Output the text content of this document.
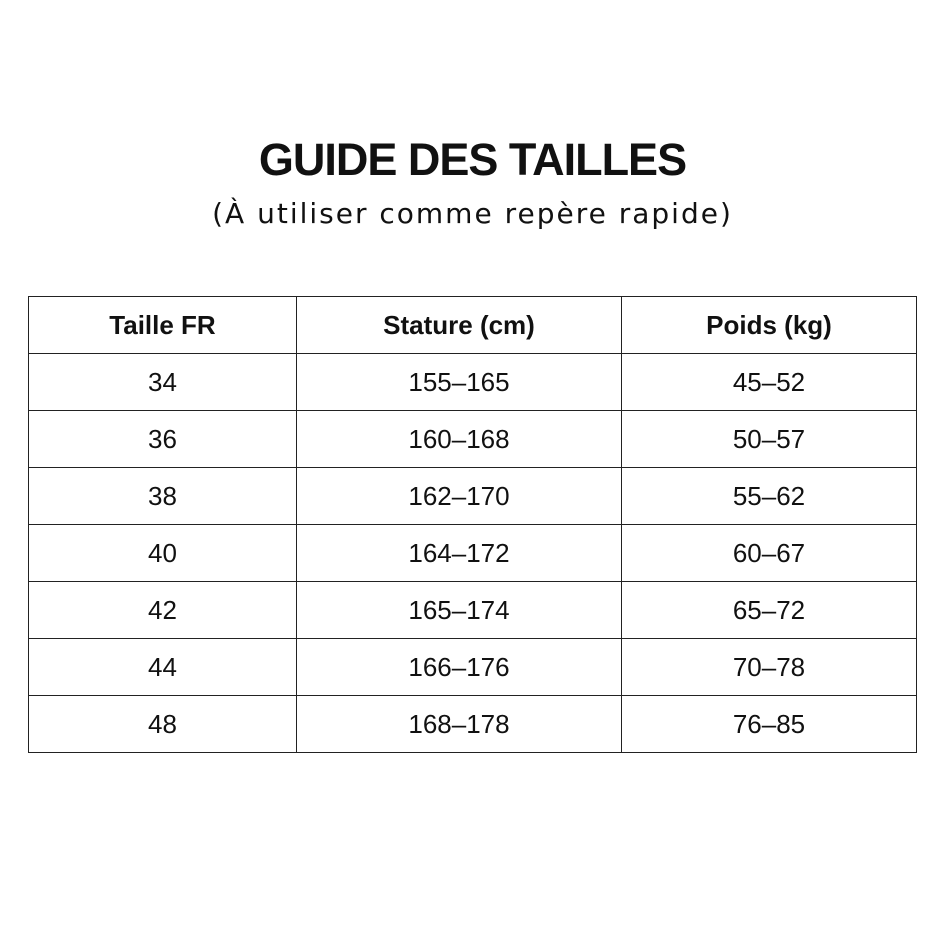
GUIDE DES TAILLES
(À utiliser comme repère rapide)
Taille FR	Stature (cm)	Poids (kg)
34	155–165	45–52
36	160–168	50–57
38	162–170	55–62
40	164–172	60–67
42	165–174	65–72
44	166–176	70–78
48	168–178	76–85
